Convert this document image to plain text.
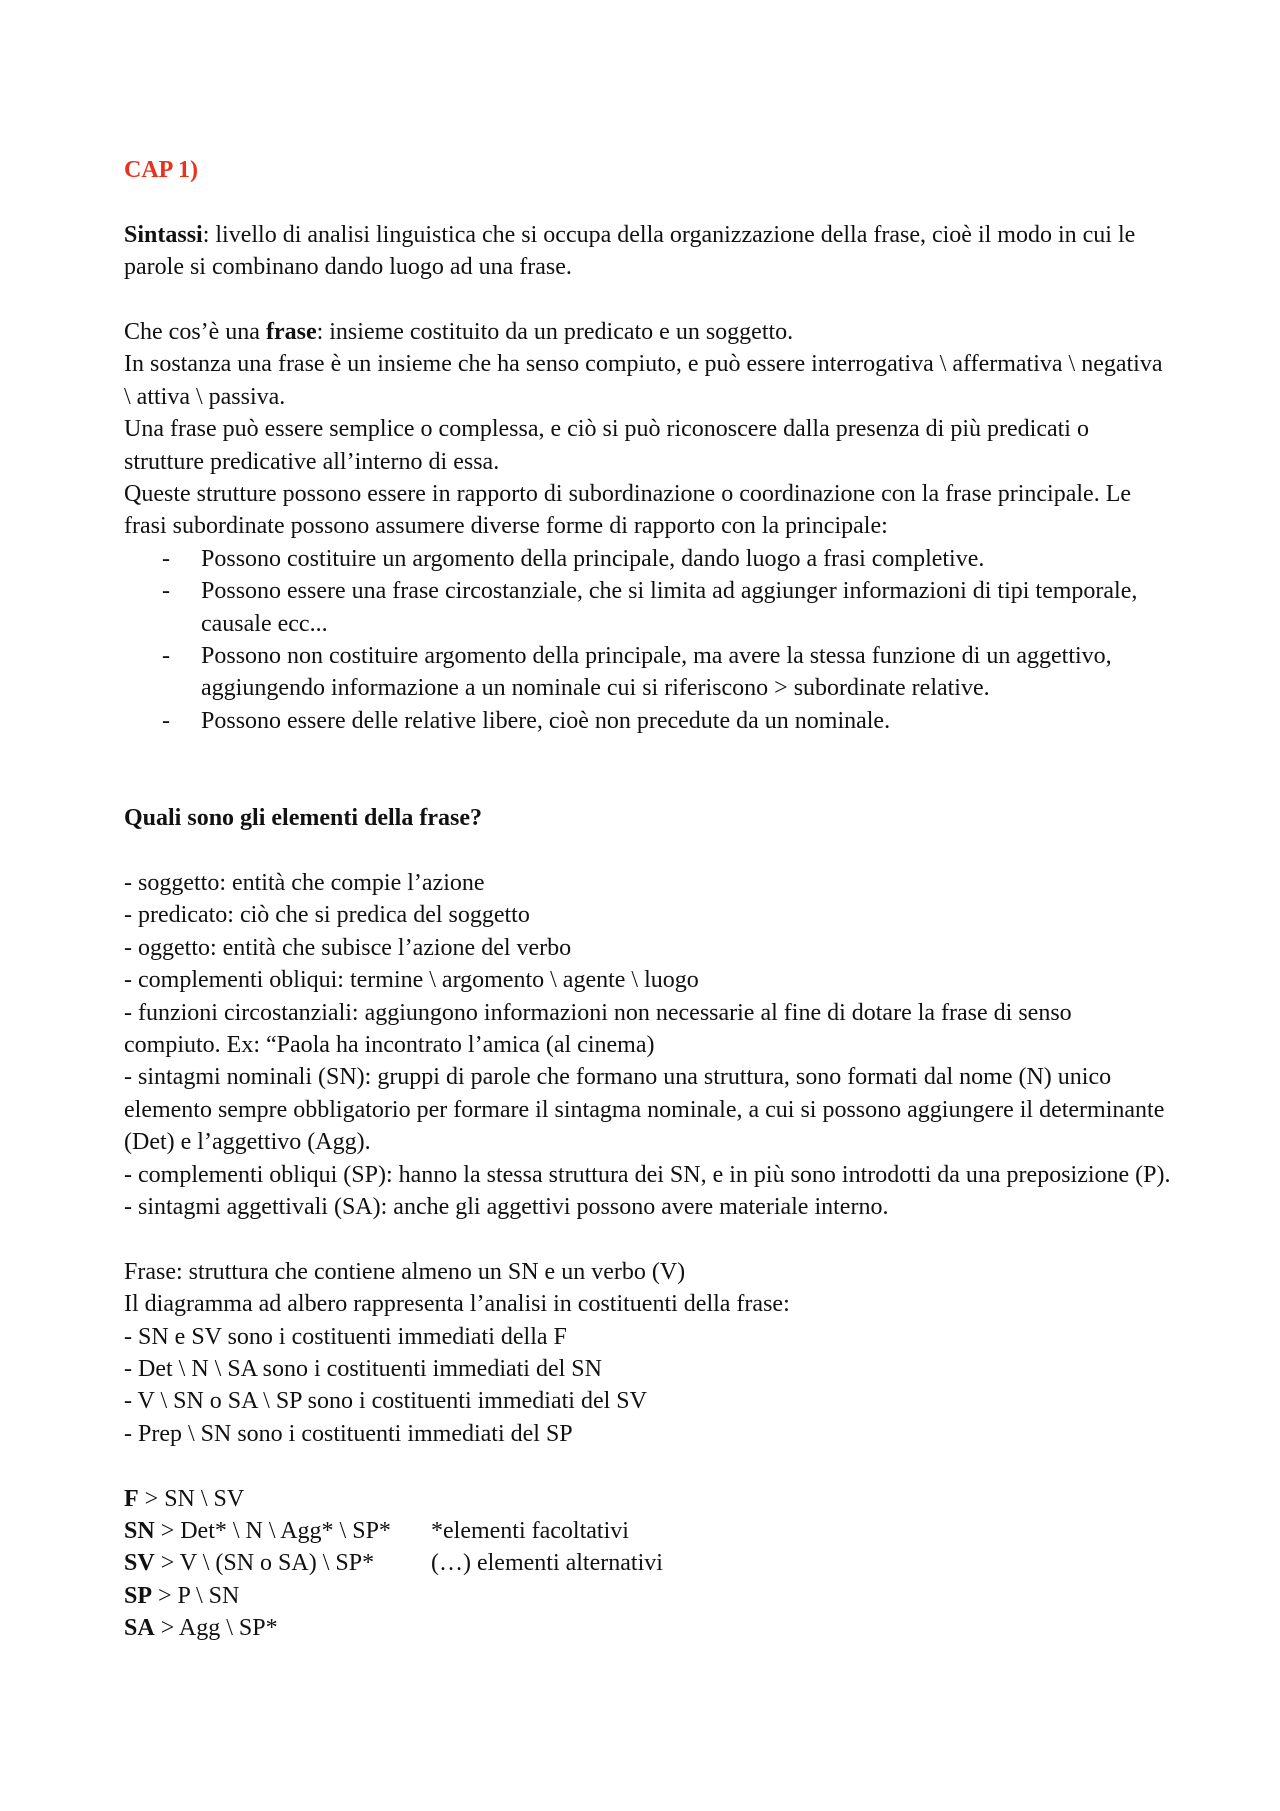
CAP 1)

Sintassi: livello di analisi linguistica che si occupa della organizzazione della frase, cioè il modo in cui le parole si combinano dando luogo ad una frase.

Che cos’è una frase: insieme costituito da un predicato e un soggetto.

In sostanza una frase è un insieme che ha senso compiuto, e può essere interrogativa \ affermativa \ negativa \ attiva \ passiva.

Una frase può essere semplice o complessa, e ciò si può riconoscere dalla presenza di più predicati o strutture predicative all’interno di essa.

Queste strutture possono essere in rapporto di subordinazione o coordinazione con la frase principale. Le frasi subordinate possono assumere diverse forme di rapporto con la principale:

- Possono costituire un argomento della principale, dando luogo a frasi completive.
- Possono essere una frase circostanziale, che si limita ad aggiunger informazioni di tipi temporale, causale ecc...
- Possono non costituire argomento della principale, ma avere la stessa funzione di un aggettivo, aggiungendo informazione a un nominale cui si riferiscono > subordinate relative.
- Possono essere delle relative libere, cioè non precedute da un nominale.

Quali sono gli elementi della frase?

- soggetto: entità che compie l’azione

- predicato: ciò che si predica del soggetto

- oggetto: entità che subisce l’azione del verbo

- complementi obliqui: termine \ argomento \ agente \ luogo

- funzioni circostanziali: aggiungono informazioni non necessarie al fine di dotare la frase di senso compiuto. Ex: “Paola ha incontrato l’amica (al cinema)

- sintagmi nominali (SN): gruppi di parole che formano una struttura, sono formati dal nome (N) unico elemento sempre obbligatorio per formare il sintagma nominale, a cui si possono aggiungere il determinante (Det) e l’aggettivo (Agg).

- complementi obliqui (SP): hanno la stessa struttura dei SN, e in più sono introdotti da una preposizione (P).

- sintagmi aggettivali (SA): anche gli aggettivi possono avere materiale interno.

Frase: struttura che contiene almeno un SN e un verbo (V)

Il diagramma ad albero rappresenta l’analisi in costituenti della frase:

- SN e SV sono i costituenti immediati della F

- Det \ N \ SA sono i costituenti immediati del SN

- V \ SN o SA \ SP sono i costituenti immediati del SV

- Prep \ SN sono i costituenti immediati del SP

F > SN \ SV
SN > Det* \ N \ Agg* \ SP*	*elementi facoltativi
SV > V \ (SN o SA) \ SP*	(…) elementi alternativi
SP > P \ SN
SA > Agg \ SP*
